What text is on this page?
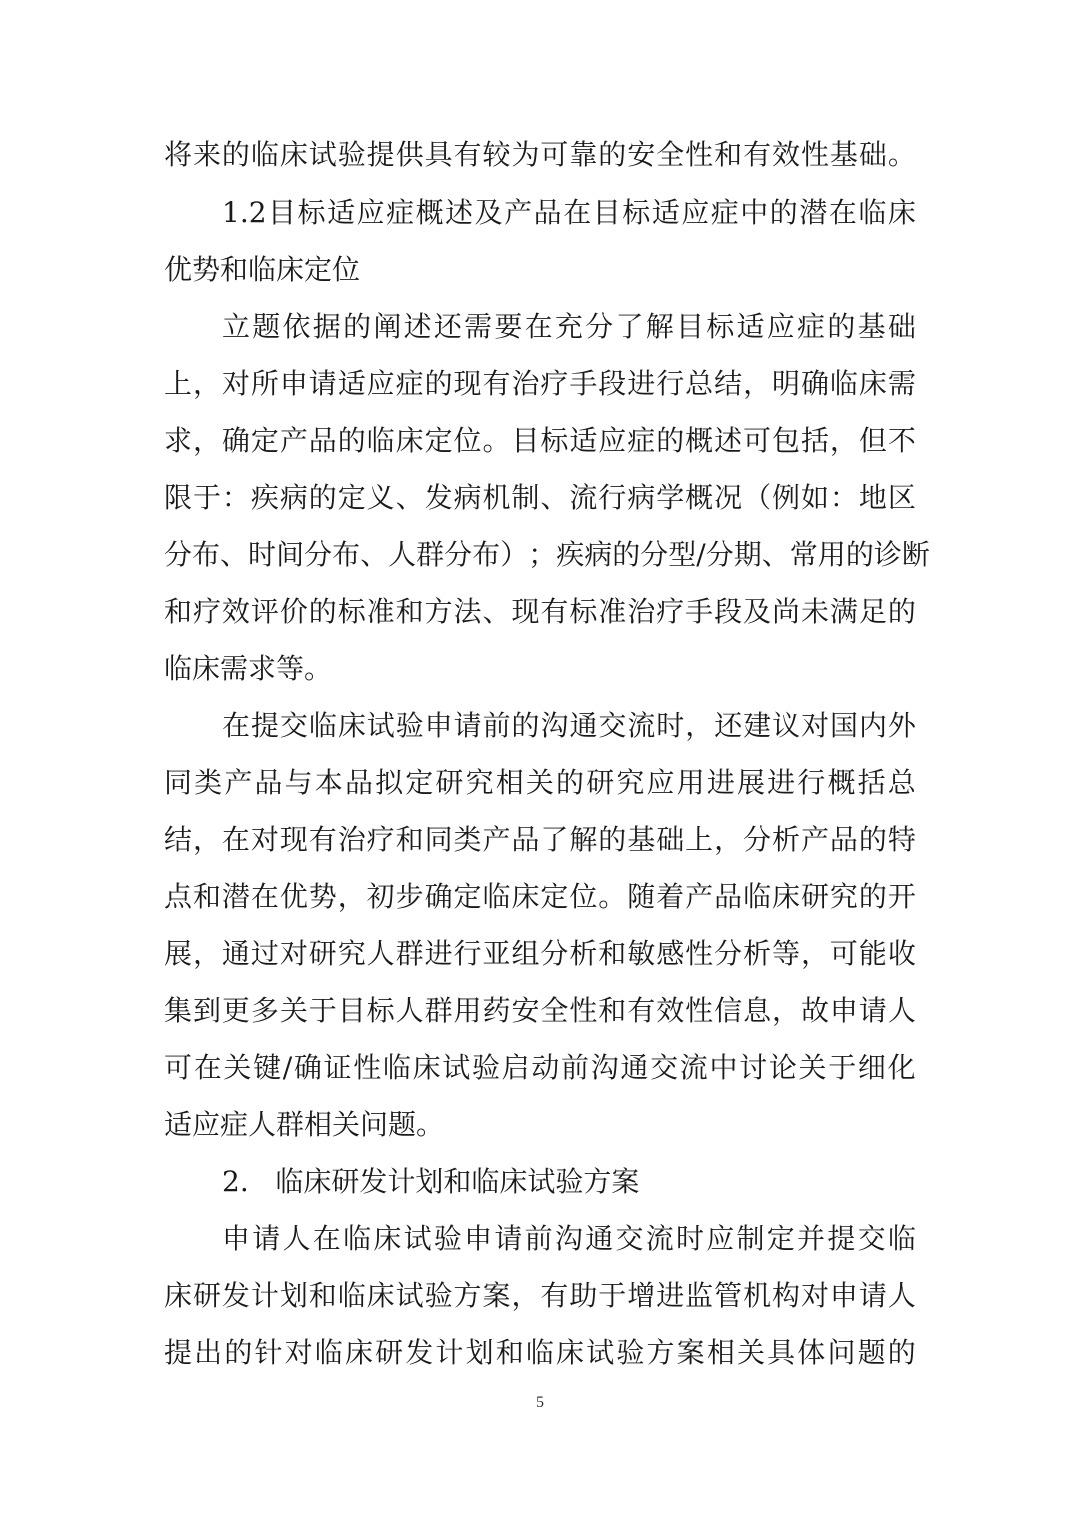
将 来 的 临 床 试 验 提 供 具 有 较 为 可 靠 的 安 全 性 和 有 效 性 基 础 。
1.2 目 标 适 应 症 概 述 及 产 品 在 目 标 适 应 症 中 的 潜 在 临 床
优势和临床定位
立 题 依 据 的 阐 述 还 需 要 在 充 分 了 解 目 标 适 应 症 的 基 础
上 ， 对 所 申 请 适 应 症 的 现 有 治 疗 手 段 进 行 总 结 ， 明 确 临 床 需
求 ， 确 定 产 品 的 临 床 定 位 。 目 标 适 应 症 的 概 述 可 包 括 ， 但 不
限 于 ： 疾 病 的 定 义 、 发 病 机 制 、 流 行 病 学 概 况 （ 例 如 ： 地 区
分 布 、 时 间 分 布 、 人 群 分 布 ） ； 疾 病 的 分 型 / 分 期 、 常 用 的 诊 断
和 疗 效 评 价 的 标 准 和 方 法 、 现 有 标 准 治 疗 手 段 及 尚 未 满 足 的
临床需求等。
在 提 交 临 床 试 验 申 请 前 的 沟 通 交 流 时 ， 还 建 议 对 国 内 外
同 类 产 品 与 本 品 拟 定 研 究 相 关 的 研 究 应 用 进 展 进 行 概 括 总
结 ， 在 对 现 有 治 疗 和 同 类 产 品 了 解 的 基 础 上 ， 分 析 产 品 的 特
点 和 潜 在 优 势 ， 初 步 确 定 临 床 定 位 。 随 着 产 品 临 床 研 究 的 开
展 ， 通 过 对 研 究 人 群 进 行 亚 组 分 析 和 敏 感 性 分 析 等 ， 可 能 收
集 到 更 多 关 于 目 标 人 群 用 药 安 全 性 和 有 效 性 信 息 ， 故 申 请 人
可 在 关 键 / 确 证 性 临 床 试 验 启 动 前 沟 通 交 流 中 讨 论 关 于 细 化
适应症人群相关问题。
2.   临床研发计划和临床试验方案
申 请 人 在 临 床 试 验 申 请 前 沟 通 交 流 时 应 制 定 并 提 交 临
床 研 发 计 划 和 临 床 试 验 方 案 ， 有 助 于 增 进 监 管 机 构 对 申 请 人
提 出 的 针 对 临 床 研 发 计 划 和 临 床 试 验 方 案 相 关 具 体 问 题 的
5
